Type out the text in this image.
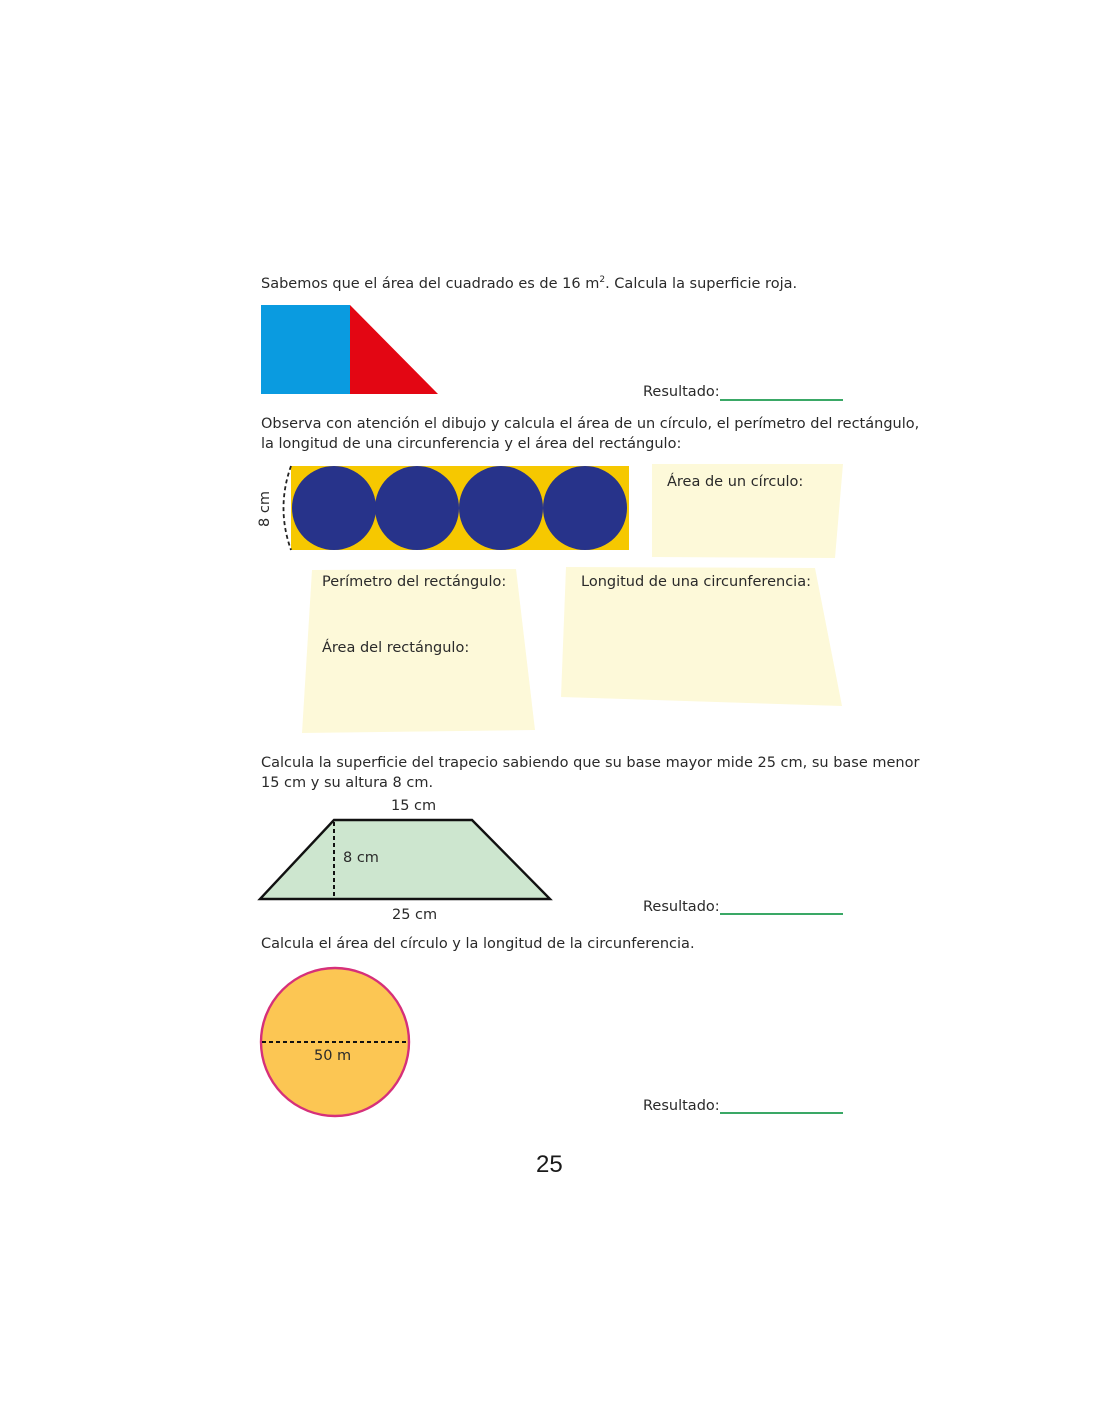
Sabemos que el área del cuadrado es de 16 $m^2$. Calcula la superficie roja.
Resultado:
Observa con atención el dibujo y calcula el área de un círculo, el perímetro del rectángulo,
la longitud de una circunferencia y el área del rectángulo:
8 cm
Área de un círculo:
Perímetro del rectángulo:
Área del rectángulo:
Longitud de una circunferencia:
Calcula la superficie del trapecio sabiendo que su base mayor mide 25 cm, su base menor
15 cm y su altura 8 cm.
15 cm
8 cm
25 cm	Resultado:
Calcula el área del círculo y la longitud de la circunferencia.
50 m
Resultado:
25
